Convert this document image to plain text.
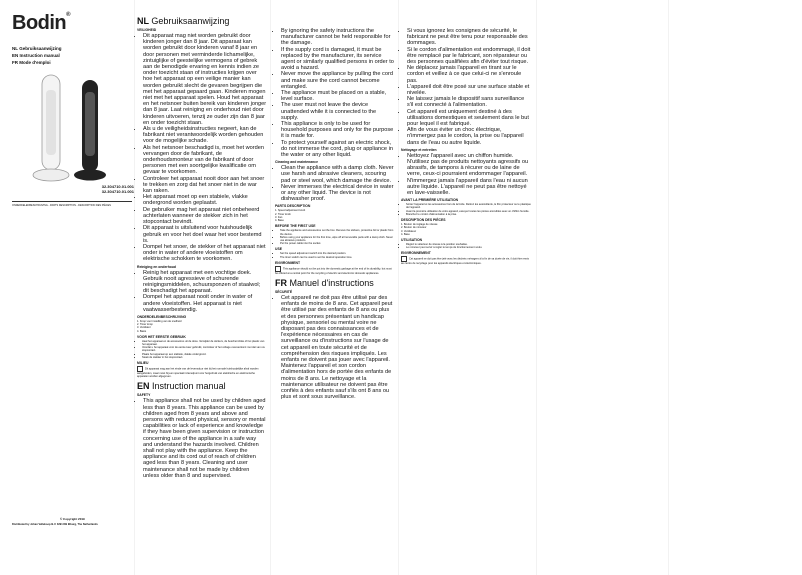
Bodin®
NL Gebruiksaanwijzing
EN Instruction manual
FR Mode d'emploi
32.304710.01.001
32.304710.01.001
ONDERDELENBESCHRIJVING - PARTS DESCRIPTION - DESCRIPTION DES PIÈCES
© Copyright 2019
Distributed by Johan Vellekoop B.V. 3291 DB Elburg, The Netherlands
NL Gebruiksaanwijzing
VEILIGHEID
• Dit apparaat mag niet worden gebruikt door kinderen jonger dan 8 jaar. Dit apparaat kan worden gebruikt door kinderen vanaf 8 jaar en door personen met verminderde lichamelijke, zintuiglijke of geestelijke vermogens of gebrek aan de benodigde ervaring en kennis indien ze onder toezicht staan of instructies krijgen over hoe het apparaat op een veilige manier kan worden gebruikt slecht de gevaren begrijpen die met het apparaat gepaard gaan. Kinderen mogen niet met het apparaat spelen. Houd het apparaat en het netsnoer buiten bereik van kinderen jonger dan 8 jaar. Laat reiniging en onderhoud niet door kinderen uitvoeren, tenzij ze ouder zijn dan 8 jaar en onder toezicht staan.
• Als u de veiligheidsinstructies negeert, kan de fabrikant niet verantwoordelijk worden gehouden voor de mogelijke schade.
• Als het netsnoer beschadigd is, moet het worden vervangen door de fabrikant, de onderhoudsmonteur van de fabrikant of door personen met een soortgelijke kwalificatie om gevaar te voorkomen.
• Controleer het apparaat nooit door aan het snoer te trekken en zorg dat het snoer niet in de war kan raken.
• Het apparaat moet op een stabiele, vlakke ondergrond worden geplaatst.
• De gebruiker mag het apparaat niet onbeheerd achterlaten wanneer de stekker zich in het stopcontact bevindt.
• Dit apparaat is uitsluitend voor huishoudelijk gebruik en voor het doel waar het voor bestemd is.
• Dompel het snoer, de stekker of het apparaat niet onder in water of andere vloeistoffen om elektrische schokken te voorkomen.
Reiniging en onderhoud
• Reinig het apparaat met een vochtige doek. Gebruik nooit agressieve of schurende reinigingsmiddelen, schuursponzen of staalwol; dit beschadigt het apparaat.
• Dompel het apparaat nooit onder in water of andere vloeistoffen. Het apparaat is niet vaatwasserbestendig.
ONDERDELENBESCHRIJVING
1. Knop voor instelling van de snelheid
2. Timer knop
3. Ventilator
4. Basis
VOOR HET EERSTE GEBRUIK
• Haal het apparaat en de accessoires uit de doos. Verwijder de stickers, de beschermfolie of het plastic van het apparaat.
• Voordat u het apparaat voor de eerste keer gebruikt, controleer of het voltage overeenkomt met dat van uw stopcontact.
• Plaats het apparaat op een stabiele, vlakke ondergrond.
• Steek de stekker in het stopcontact.
MILIEU
Dit apparaat mag aan het einde van de levensduur niet bij het normale huishoudelijke afval worden aangeboden, maar moet bij een speciaal inzamelpunt voor hergebruik van elektrische en elektronische apparaten worden afgegeven.
EN Instruction manual
SAFETY
• This appliance shall not be used by children aged less than 8 years. This appliance can be used by children aged from 8 years and above and persons with reduced physical, sensory or mental capabilities or lack of experience and knowledge if they have been given supervision or instruction concerning use of the appliance in a safe way and understand the hazards involved. Children shall not play with the appliance. Keep the appliance and its cord out of reach of children aged less than 8 years. Cleaning and user maintenance shall not be made by children unless older than 8 and supervised.
• By ignoring the safety instructions the manufacturer cannot be held responsible for the damage.
• If the supply cord is damaged, it must be replaced by the manufacturer, its service agent or similarly qualified persons in order to avoid a hazard.
• Never move the appliance by pulling the cord and make sure the cord cannot become entangled.
• The appliance must be placed on a stable, level surface.
• The user must not leave the device unattended while it is connected to the supply.
• This appliance is only to be used for household purposes and only for the purpose it is made for.
• To protect yourself against an electric shock, do not immerse the cord, plug or appliance in the water or any other liquid.
Cleaning and maintenance
• Clean the appliance with a damp cloth. Never use harsh and abrasive cleaners, scouring pad or steel wool, which damage the device.
• Never immerses the electrical device in water or any other liquid. The device is not dishwasher proof.
PARTS DESCRIPTION
1. Speed adjustment knob
2. Timer knob
3. Fan
4. Base
BEFORE THE FIRST USE
• Take the appliance and accessoires out the box. Remove the stickers, protective foil or plastic from the device.
• Before using your appliance for the first time, wipe off all removable parts with a damp cloth. Never use abrasive products.
• Put the power cable into the socket.
USE
• Set the speed adjustment switch into the desired position.
• The timer switch can be used to set the desired operation time.
ENVIRONMENT
This appliance should not be put into the domestic garbage at the end of its durability, but must be offered at a central point for the recycling of electric and electronic domestic appliances.
FR Manuel d'instructions
SÉCURITÉ
• Cet appareil ne doit pas être utilisé par des enfants de moins de 8 ans. Cet appareil peut être utilisé par des enfants de 8 ans ou plus et des personnes présentant un handicap physique, sensoriel ou mental voire ne disposant pas des connaissances et de l'expérience nécessaires en cas de surveillance ou d'instructions sur l'usage de cet appareil en toute sécurité et de compréhension des risques impliqués. Les enfants ne doivent pas jouer avec l'appareil. Maintenez l'appareil et son cordon d'alimentation hors de portée des enfants de moins de 8 ans. Le nettoyage et la maintenance utilisateur ne doivent pas être confiés à des enfants sauf s'ils ont 8 ans ou plus et sont sous surveillance.
• Si vous ignorez les consignes de sécurité, le fabricant ne peut être tenu pour responsable des dommages.
• Si le cordon d'alimentation est endommagé, il doit être remplacé par le fabricant, son réparateur ou des personnes qualifiées afin d'éviter tout risque.
• Ne déplacez jamais l'appareil en tirant sur le cordon et veillez à ce que celui-ci ne s'enroule pas.
• L'appareil doit être posé sur une surface stable et nivelée.
• Ne laissez jamais le dispositif sans surveillance s'il est connecté à l'alimentation.
• Cet appareil est uniquement destiné à des utilisations domestiques et seulement dans le but pour lequel il est fabriqué.
• Afin de vous éviter un choc électrique, n'immergez pas le cordon, la prise ou l'appareil dans de l'eau ou autre liquide.
Nettoyage et entretien
• Nettoyez l'appareil avec un chiffon humide. N'utilisez pas de produits nettoyants agressifs ou abrasifs, de tampons à récurer ou de laine de verre, ceux-ci pourraient endommager l'appareil.
• N'immergez jamais l'appareil dans l'eau ni aucun autre liquide. L'appareil ne peut pas être nettoyé en lave-vaisselle.
AVANT LA PREMIÈRE UTILISATION
• Sortez l'appareil et les accessoires hors de la boîte. Retirez les autocollants, le film protecteur ou le plastique de l'appareil.
• Avant la première utilisation de votre appareil, essuyez toutes les pièces amovibles avec un chiffon humide.
• Branchez le cordon d'alimentation à la prise.
DESCRIPTION DES PIÈCES
1. Bouton de réglage de vitesse
2. Bouton de minuteur
3. Ventilateur
4. Base
UTILISATION
• Réglez le sélecteur de vitesse à la position souhaitée.
• Le minuteur peut servir à régler le temps de fonctionnement voulu.
ENVIRONNEMENT
Cet appareil ne doit pas être jeté avec les déchets ménagers à la fin de sa durée de vie, il doit être remis au centre de recyclage pour les appareils électriques et électroniques.
